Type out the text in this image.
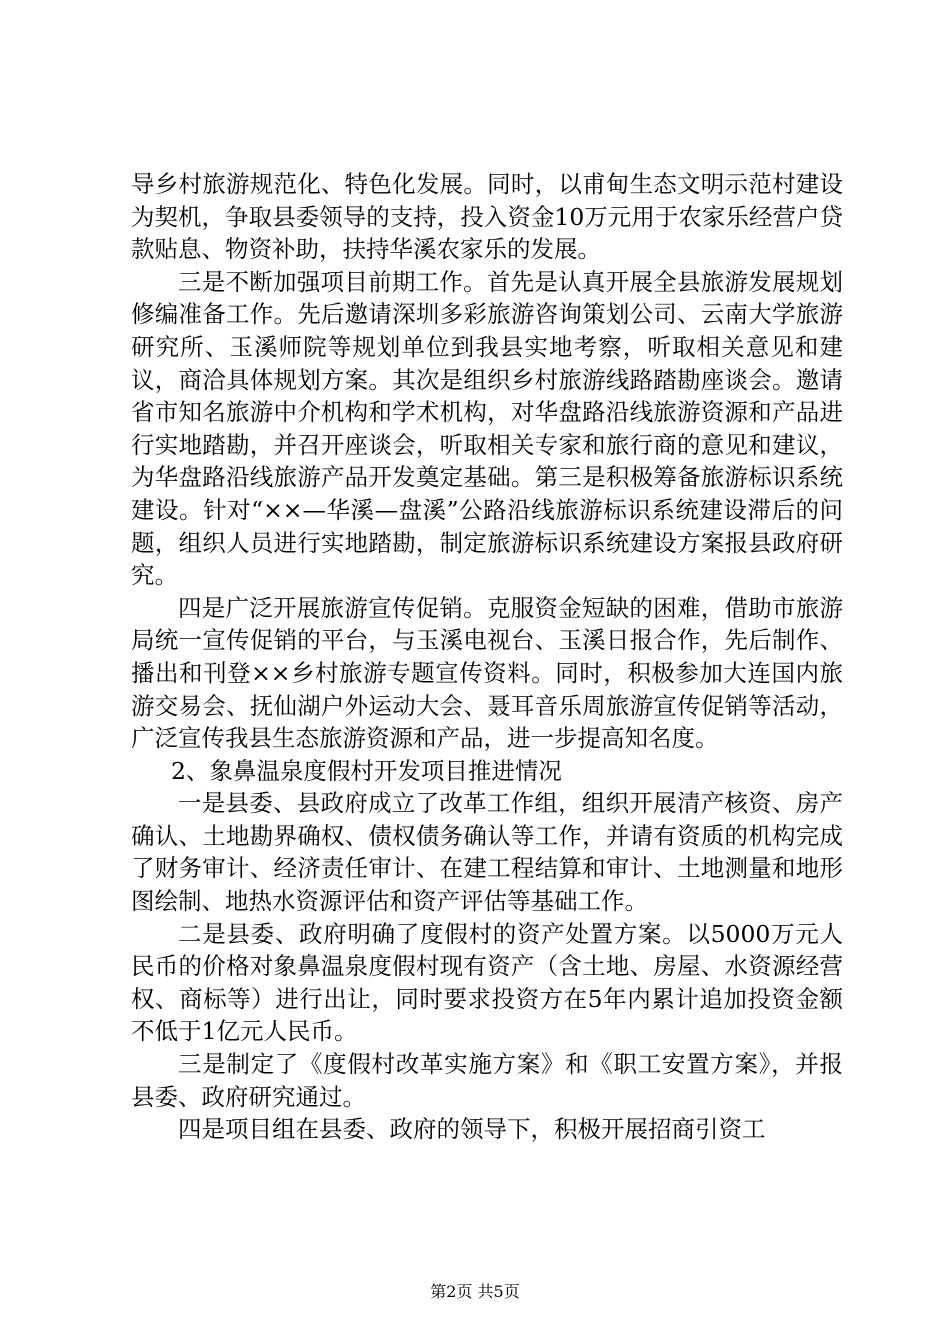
导乡村旅游规范化、特色化发展。同时，以甫甸生态文明示范村建设为契机，争取县委领导的支持，投入资金10万元用于农家乐经营户贷款贴息、物资补助，扶持华溪农家乐的发展。

三是不断加强项目前期工作。首先是认真开展全县旅游发展规划修编准备工作。先后邀请深圳多彩旅游咨询策划公司、云南大学旅游研究所、玉溪师院等规划单位到我县实地考察，听取相关意见和建议，商洽具体规划方案。其次是组织乡村旅游线路踏勘座谈会。邀请省市知名旅游中介机构和学术机构，对华盘路沿线旅游资源和产品进行实地踏勘，并召开座谈会，听取相关专家和旅行商的意见和建议，为华盘路沿线旅游产品开发奠定基础。第三是积极筹备旅游标识系统建设。针对“××—华溪—盘溪”公路沿线旅游标识系统建设滞后的问题，组织人员进行实地踏勘，制定旅游标识系统建设方案报县政府研究。

四是广泛开展旅游宣传促销。克服资金短缺的困难，借助市旅游局统一宣传促销的平台，与玉溪电视台、玉溪日报合作，先后制作、播出和刊登××乡村旅游专题宣传资料。同时，积极参加大连国内旅游交易会、抚仙湖户外运动大会、聂耳音乐周旅游宣传促销等活动，广泛宣传我县生态旅游资源和产品，进一步提高知名度。

2、象鼻温泉度假村开发项目推进情况

一是县委、县政府成立了改革工作组，组织开展清产核资、房产确认、土地勘界确权、债权债务确认等工作，并请有资质的机构完成了财务审计、经济责任审计、在建工程结算和审计、土地测量和地形图绘制、地热水资源评估和资产评估等基础工作。

二是县委、政府明确了度假村的资产处置方案。以5000万元人民币的价格对象鼻温泉度假村现有资产（含土地、房屋、水资源经营权、商标等）进行出让，同时要求投资方在5年内累计追加投资金额不低于1亿元人民币。

三是制定了《度假村改革实施方案》和《职工安置方案》，并报县委、政府研究通过。

四是项目组在县委、政府的领导下，积极开展招商引资工

第2页 共5页
